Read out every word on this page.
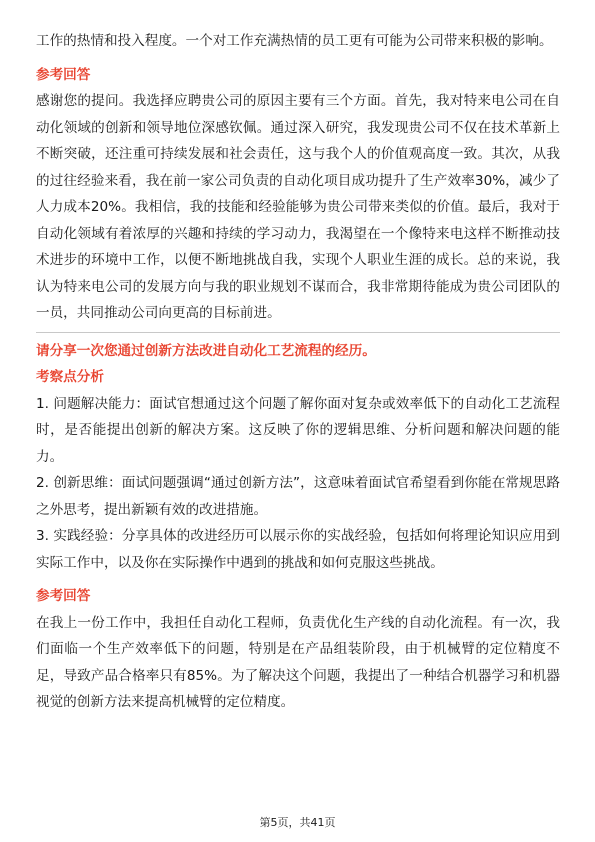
工作的热情和投入程度。一个对工作充满热情的员工更有可能为公司带来积极的影响。

参考回答

感谢您的提问。我选择应聘贵公司的原因主要有三个方面。首先，我对特来电公司在自动化领域的创新和领导地位深感钦佩。通过深入研究，我发现贵公司不仅在技术革新上不断突破，还注重可持续发展和社会责任，这与我个人的价值观高度一致。其次，从我的过往经验来看，我在前一家公司负责的自动化项目成功提升了生产效率30%，减少了人力成本20%。我相信，我的技能和经验能够为贵公司带来类似的价值。最后，我对于自动化领域有着浓厚的兴趣和持续的学习动力，我渴望在一个像特来电这样不断推动技术进步的环境中工作，以便不断地挑战自我，实现个人职业生涯的成长。总的来说，我认为特来电公司的发展方向与我的职业规划不谋而合，我非常期待能成为贵公司团队的一员，共同推动公司向更高的目标前进。

请分享一次您通过创新方法改进自动化工艺流程的经历。

考察点分析

1. 问题解决能力：面试官想通过这个问题了解你面对复杂或效率低下的自动化工艺流程时，是否能提出创新的解决方案。这反映了你的逻辑思维、分析问题和解决问题的能力。

2. 创新思维：面试问题强调“通过创新方法”，这意味着面试官希望看到你能在常规思路之外思考，提出新颖有效的改进措施。

3. 实践经验：分享具体的改进经历可以展示你的实战经验，包括如何将理论知识应用到实际工作中，以及你在实际操作中遇到的挑战和如何克服这些挑战。

参考回答

在我上一份工作中，我担任自动化工程师，负责优化生产线的自动化流程。有一次，我们面临一个生产效率低下的问题，特别是在产品组装阶段，由于机械臂的定位精度不足，导致产品合格率只有85%。为了解决这个问题，我提出了一种结合机器学习和机器视觉的创新方法来提高机械臂的定位精度。

第5页，共41页
